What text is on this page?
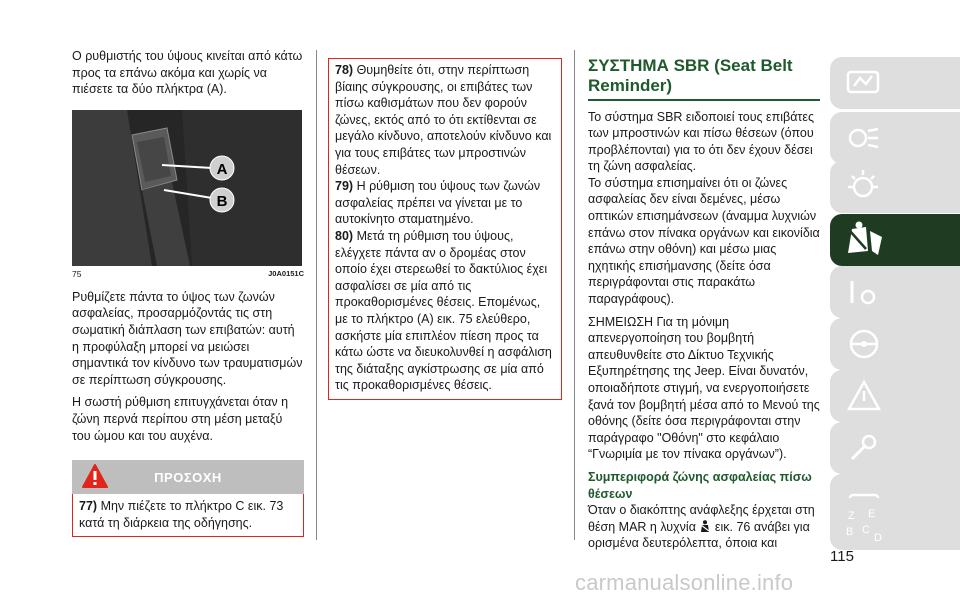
Ο ρυθμιστής του ύψους κινείται από κάτω προς τα επάνω ακόμα και χωρίς να πιέσετε τα δύο πλήκτρα (A).

A
B
75	J0A0151C

Ρυθμίζετε πάντα το ύψος των ζωνών ασφαλείας, προσαρμόζοντάς τις στη σωματική διάπλαση των επιβατών: αυτή η προφύλαξη μπορεί να μειώσει σημαντικά τον κίνδυνο των τραυματισμών σε περίπτωση σύγκρουσης.

Η σωστή ρύθμιση επιτυγχάνεται όταν η ζώνη περνά περίπου στη μέση μεταξύ του ώμου και του αυχένα.

ΠΡΟΣΟΧΗ

77) Μην πιέζετε το πλήκτρο C εικ. 73 κατά τη διάρκεια της οδήγησης.

78) Θυμηθείτε ότι, στην περίπτωση βίαιης σύγκρουσης, οι επιβάτες των πίσω καθισμάτων που δεν φορούν ζώνες, εκτός από το ότι εκτίθενται σε μεγάλο κίνδυνο, αποτελούν κίνδυνο και για τους επιβάτες των μπροστινών θέσεων.

79) Η ρύθμιση του ύψους των ζωνών ασφαλείας πρέπει να γίνεται με το αυτοκίνητο σταματημένο.

80) Μετά τη ρύθμιση του ύψους, ελέγχετε πάντα αν ο δρομέας στον οποίο έχει στερεωθεί το δακτύλιος έχει ασφαλίσει σε μία από τις προκαθορισμένες θέσεις. Επομένως, με το πλήκτρο (A) εικ. 75 ελεύθερο, ασκήστε μία επιπλέον πίεση προς τα κάτω ώστε να διευκολυνθεί η ασφάλιση της διάταξης αγκίστρωσης σε μία από τις προκαθορισμένες θέσεις.

ΣΥΣΤΗΜΑ SBR (Seat Belt Reminder)

Το σύστημα SBR ειδοποιεί τους επιβάτες των μπροστινών και πίσω θέσεων (όπου προβλέπονται) για το ότι δεν έχουν δέσει τη ζώνη ασφαλείας.

Το σύστημα επισημαίνει ότι οι ζώνες ασφαλείας δεν είναι δεμένες, μέσω οπτικών επισημάνσεων (άναμμα λυχνιών επάνω στον πίνακα οργάνων και εικονίδια επάνω στην οθόνη) και μέσω μιας ηχητικής επισήμανσης (δείτε όσα περιγράφονται στις παρακάτω παραγράφους).

ΣΗΜΕΙΩΣΗ Για τη μόνιμη απενεργοποίηση του βομβητή απευθυνθείτε στο Δίκτυο Τεχνικής Εξυπηρέτησης της Jeep. Είναι δυνατόν, οποιαδήποτε στιγμή, να ενεργοποιήσετε ξανά τον βομβητή μέσα από το Μενού της οθόνης (δείτε όσα περιγράφονται στην παράγραφο "Οθόνη" στο κεφάλαιο “Γνωριμία με τον πίνακα οργάνων”).

Συμπεριφορά ζώνης ασφαλείας πίσω θέσεων

Όταν ο διακόπτης ανάφλεξης έρχεται στη θέση MAR η λυχνία εικ. 76 ανάβει για ορισμένα δευτερόλεπτα, όποια και

Z E
B C
D
115
carmanualsonline.info
